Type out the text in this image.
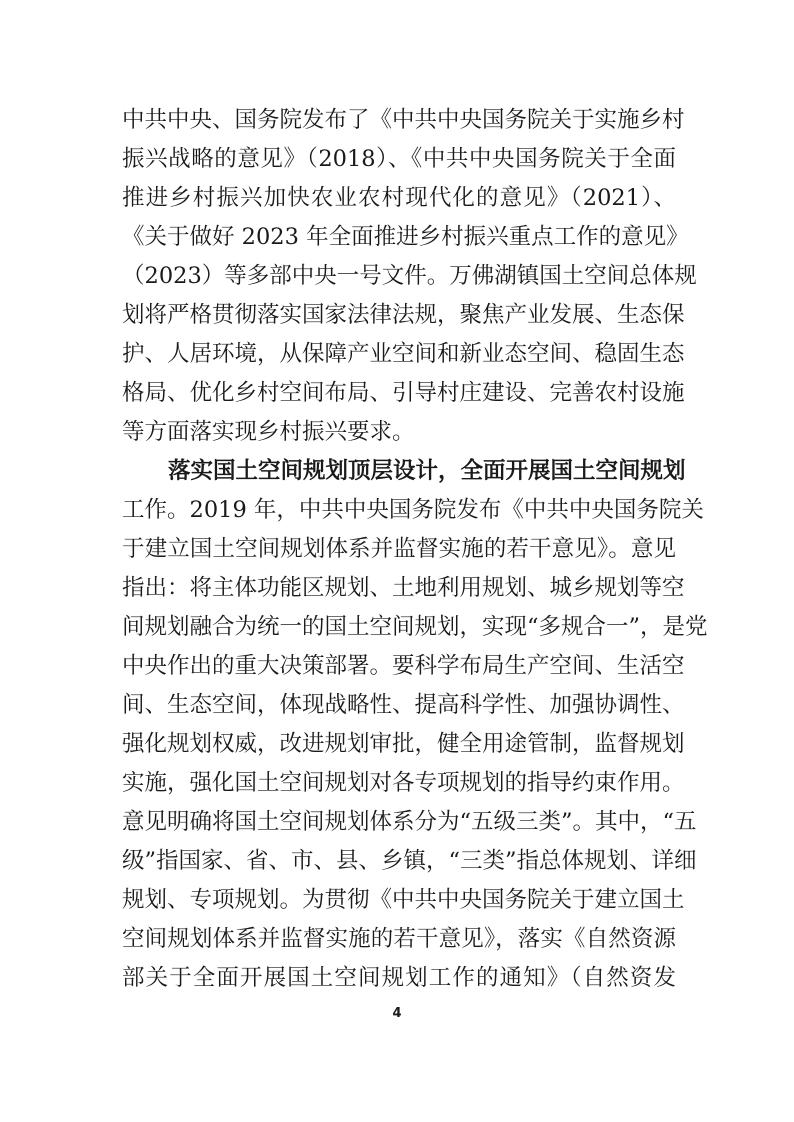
中共中央、国务院发布了《中共中央国务院关于实施乡村
振兴战略的意见》（2018）、《中共中央国务院关于全面
推进乡村振兴加快农业农村现代化的意见》（2021）、
《关于做好 2023 年全面推进乡村振兴重点工作的意见》
（2023）等多部中央一号文件。万佛湖镇国土空间总体规
划将严格贯彻落实国家法律法规，聚焦产业发展、生态保
护、人居环境，从保障产业空间和新业态空间、稳固生态
格局、优化乡村空间布局、引导村庄建设、完善农村设施
等方面落实现乡村振兴要求。
落实国土空间规划顶层设计，全面开展国土空间规划
工作。2019 年，中共中央国务院发布《中共中央国务院关
于建立国土空间规划体系并监督实施的若干意见》。意见
指出：将主体功能区规划、土地利用规划、城乡规划等空
间规划融合为统一的国土空间规划，实现“多规合一”，是党
中央作出的重大决策部署。要科学布局生产空间、生活空
间、生态空间，体现战略性、提高科学性、加强协调性、
强化规划权威，改进规划审批，健全用途管制，监督规划
实施，强化国土空间规划对各专项规划的指导约束作用。
意见明确将国土空间规划体系分为“五级三类”。其中，“五
级”指国家、省、市、县、乡镇，“三类”指总体规划、详细
规划、专项规划。为贯彻《中共中央国务院关于建立国土
空间规划体系并监督实施的若干意见》，落实《自然资源
部关于全面开展国土空间规划工作的通知》（自然资发
4
